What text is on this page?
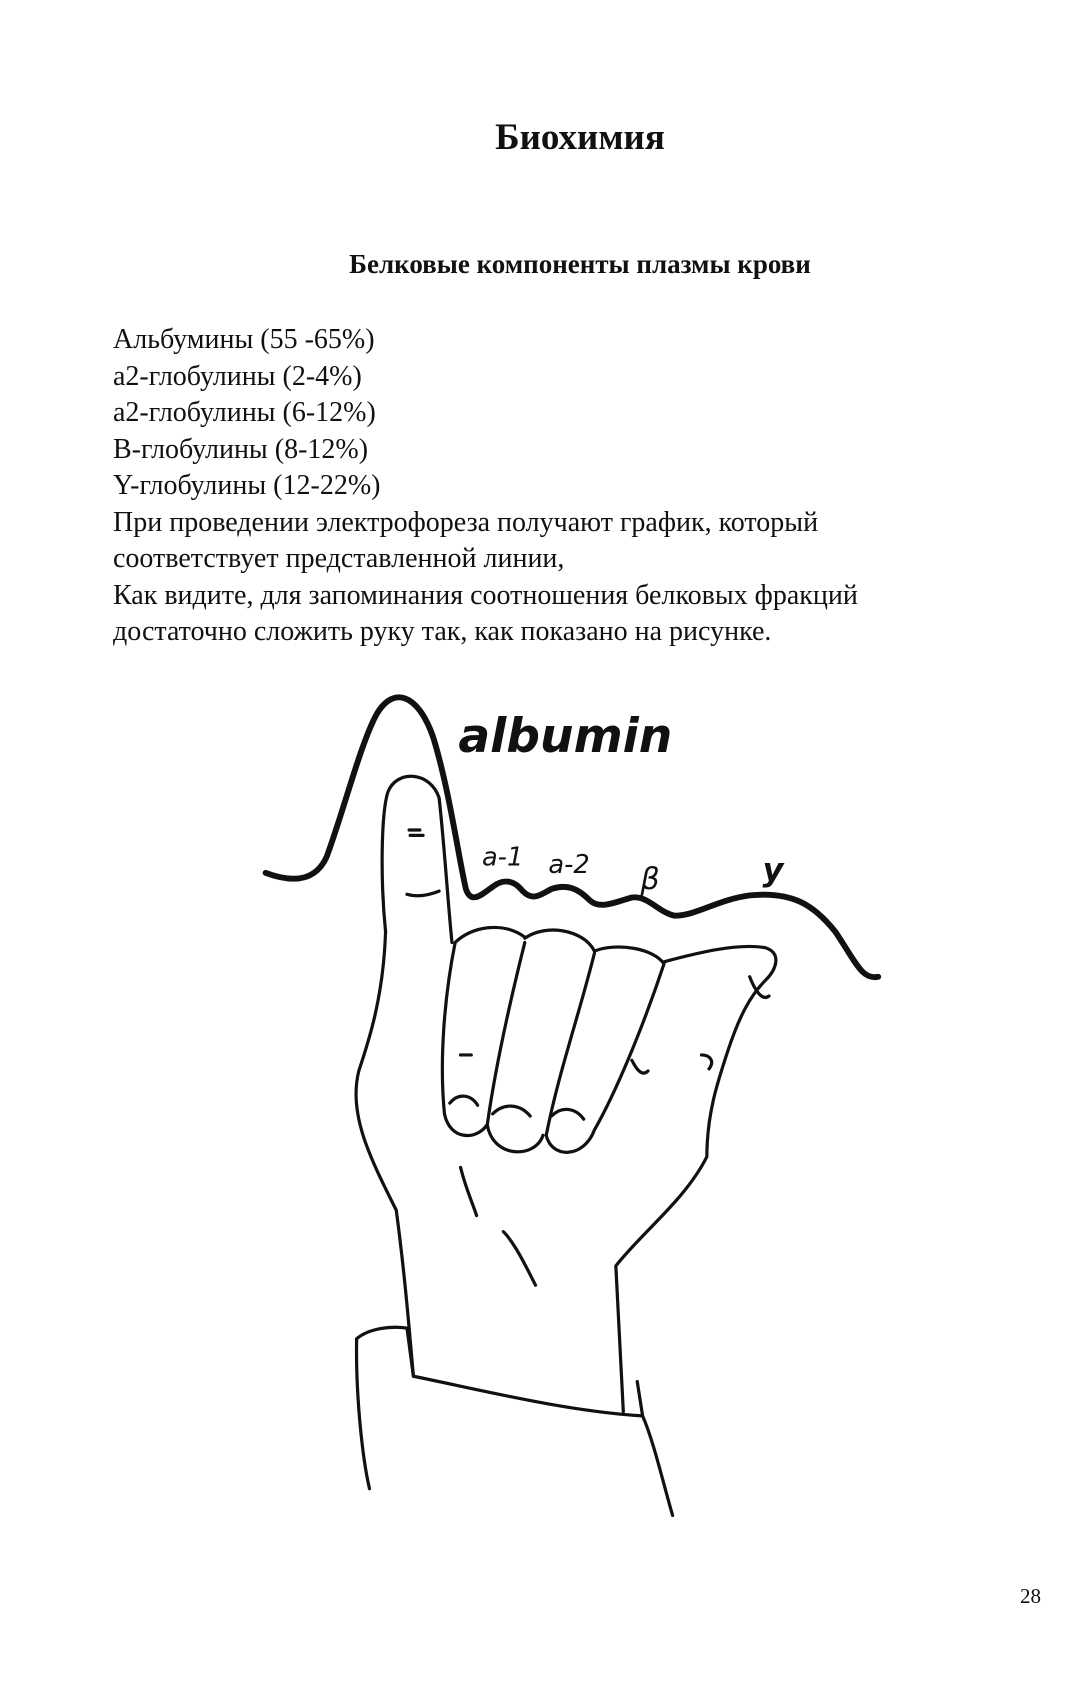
Биохимия
Белковые компоненты плазмы крови
Альбумины (55 -65%)
а2-глобулины (2-4%)
а2-глобулины (6-12%)
В-глобулины (8-12%)
Y-глобулины (12-22%)
При проведении электрофореза получают график, который
соответствует представленной линии,
Как видите, для запоминания соотношения белковых фракций
достаточно сложить руку так, как показано на рисунке.
albumin
a-1 a-2 β	y
28
